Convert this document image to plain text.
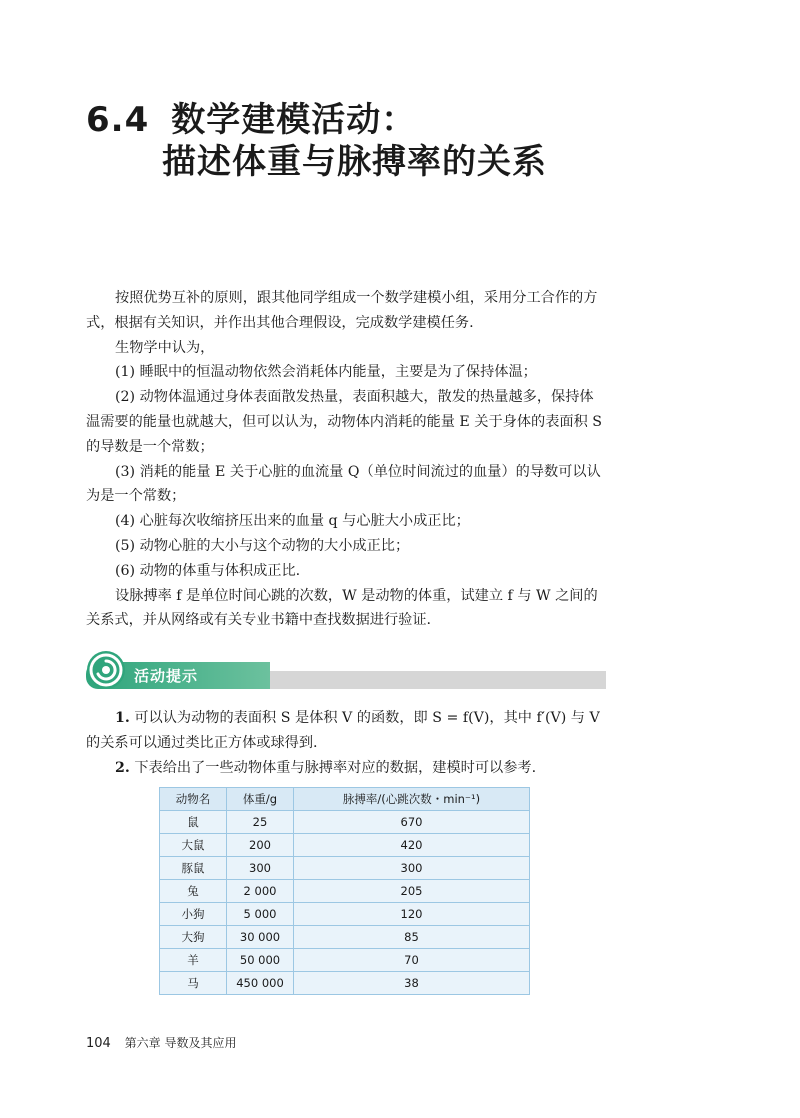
6.4 数学建模活动：
描述体重与脉搏率的关系

按照优势互补的原则，跟其他同学组成一个数学建模小组，采用分工合作的方式，根据有关知识，并作出其他合理假设，完成数学建模任务.

生物学中认为，

(1) 睡眠中的恒温动物依然会消耗体内能量，主要是为了保持体温；

(2) 动物体温通过身体表面散发热量，表面积越大，散发的热量越多，保持体温需要的能量也就越大，但可以认为，动物体内消耗的能量 E 关于身体的表面积 S 的导数是一个常数；

(3) 消耗的能量 E 关于心脏的血流量 Q（单位时间流过的血量）的导数可以认为是一个常数；

(4) 心脏每次收缩挤压出来的血量 q 与心脏大小成正比；

(5) 动物心脏的大小与这个动物的大小成正比；

(6) 动物的体重与体积成正比.

设脉搏率 f 是单位时间心跳的次数，W 是动物的体重，试建立 f 与 W 之间的关系式，并从网络或有关专业书籍中查找数据进行验证.

活动提示

1. 可以认为动物的表面积 S 是体积 V 的函数，即 S = f(V)，其中 f′(V) 与 V 的关系可以通过类比正方体或球得到.

2. 下表给出了一些动物体重与脉搏率对应的数据，建模时可以参考.

动物名	体重/g	脉搏率/(心跳次数・min⁻¹)
鼠	25	670
大鼠	200	420
豚鼠	300	300
兔	2 000	205
小狗	5 000	120
大狗	30 000	85
羊	50 000	70
马	450 000	38
104 第六章 导数及其应用
